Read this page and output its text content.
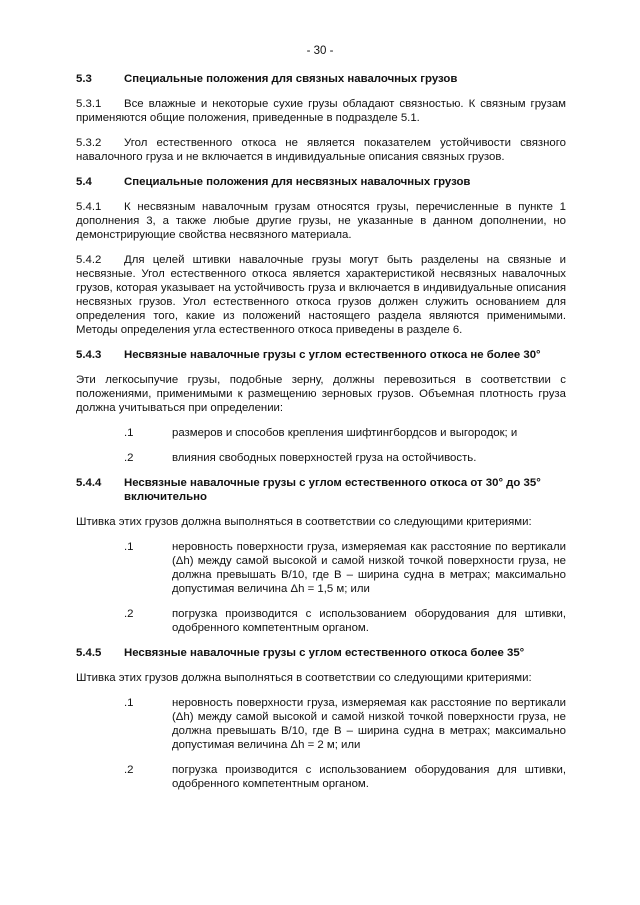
- 30 -
5.3	Специальные положения для связных навалочных грузов

5.3.1 Все влажные и некоторые сухие грузы обладают связностью. К связным грузам применяются общие положения, приведенные в подразделе 5.1.

5.3.2 Угол естественного откоса не является показателем устойчивости связного навалочного груза и не включается в индивидуальные описания связных грузов.

5.4	Специальные положения для несвязных навалочных грузов

5.4.1 К несвязным навалочным грузам относятся грузы, перечисленные в пункте 1 дополнения 3, а также любые другие грузы, не указанные в данном дополнении, но демонстрирующие свойства несвязного материала.

5.4.2 Для целей штивки навалочные грузы могут быть разделены на связные и несвязные. Угол естественного откоса является характеристикой несвязных навалочных грузов, которая указывает на устойчивость груза и включается в индивидуальные описания несвязных грузов. Угол естественного откоса грузов должен служить основанием для определения того, какие из положений настоящего раздела являются применимыми. Методы определения угла естественного откоса приведены в разделе 6.

5.4.3	Несвязные навалочные грузы с углом естественного откоса не более 30°

Эти легкосыпучие грузы, подобные зерну, должны перевозиться в соответствии с положениями, применимыми к размещению зерновых грузов. Объемная плотность груза должна учитываться при определении:

.1	размеров и способов крепления шифтингбордсов и выгородок; и
.2	влияния свободных поверхностей груза на остойчивость.
5.4.4	Несвязные навалочные грузы с углом естественного откоса от 30° до 35° включительно

Штивка этих грузов должна выполняться в соответствии со следующими критериями:

.1	неровность поверхности груза, измеряемая как расстояние по вертикали (Δh) между самой высокой и самой низкой точкой поверхности груза, не должна превышать B/10, где B – ширина судна в метрах; максимально допустимая величина Δh = 1,5 м; или
.2	погрузка производится с использованием оборудования для штивки, одобренного компетентным органом.
5.4.5	Несвязные навалочные грузы с углом естественного откоса более 35°

Штивка этих грузов должна выполняться в соответствии со следующими критериями:

.1	неровность поверхности груза, измеряемая как расстояние по вертикали (Δh) между самой высокой и самой низкой точкой поверхности груза, не должна превышать B/10, где B – ширина судна в метрах; максимально допустимая величина Δh = 2 м; или
.2	погрузка производится с использованием оборудования для штивки, одобренного компетентным органом.
